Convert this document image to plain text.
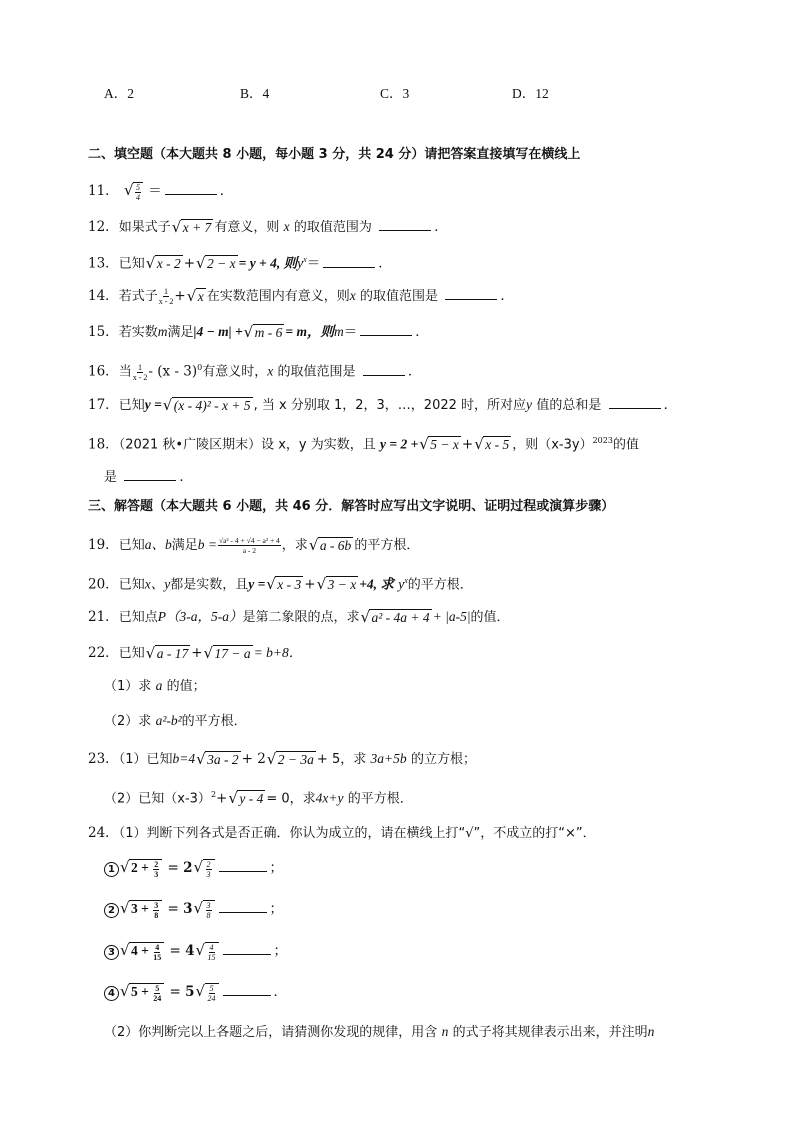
A．2	B．4	C．3	D．12
二、填空题（本大题共 8 小题，每小题 3 分，共 24 分）请把答案直接填写在横线上
11． √ $\frac{5}{4}$ ＝	．
12．如果式子 √ x + 7 有意义，则 x 的取值范围为	．
13．已知 √ x - 2 + √ 2 − x = y + 4, 则$y^x=$	．
14．若式子 $\frac{1}{x - 2}$ + √ x 在实数范围内有意义，则x 的取值范围是	．
15．若实数m满足|4 − m| + √ m - 6 = m，则m＝	．
16．当 $\frac{1}{x - 2} - (x - 3)^0$有意义时，x 的取值范围是	．
17．已知y = √ (x - 4)² - x + 5 , 当 x 分别取 1，2，3，…，2022 时，所对应y 值的总和是	．
18．（2021 秋•广陵区期末）设 x，y 为实数，且 y = 2 + √ 5 − x + √ x - 5 ，则$(x-3y)^{2023}$的值
是	．
三、解答题（本大题共 6 小题，共 46 分．解答时应写出文字说明、证明过程或演算步骤）
19．已知a、b满足$b = \frac{\text{√a² - 4 + √4 − a² + 4}}{a - 2}$ ，求 √ a - 6b 的平方根．
20．已知x、y都是实数，且y = √ x - 3 + √ 3 − x +4, 求 $y^x$的平方根．
21．已知点P（3-a，5-a）是第二象限的点，求 √ a² - 4a + 4 + |a-5|的值．
22．已知 √ a - 17 + √ 17 − a = b+8．
（1）求 a 的值；
（2）求 a²-b²的平方根．
23．（1）已知b=4 √ 3a - 2 + 2 √ 2 − 3a + 5，求 3a+5b 的立方根；
（2）已知$(x-3)^2+$ √ y - 4 = 0，求4x+y 的平方根．
24．（1）判断下列各式是否正确．你认为成立的，请在横线上打“√”，不成立的打“×”．
1 √ $2 + \frac{2}{3} = 2$ √ $\frac{2}{3}$	；
2 √ $3 + \frac{3}{8} = 3$ √ $\frac{3}{8}$	；
3 √ $4 + \frac{4}{15} = 4$ √ $\frac{4}{15}$	；
4 √ $5 + \frac{5}{24} = 5$ √ $\frac{5}{24}$	．
（2）你判断完以上各题之后，请猜测你发现的规律，用含 n 的式子将其规律表示出来，并注明n
